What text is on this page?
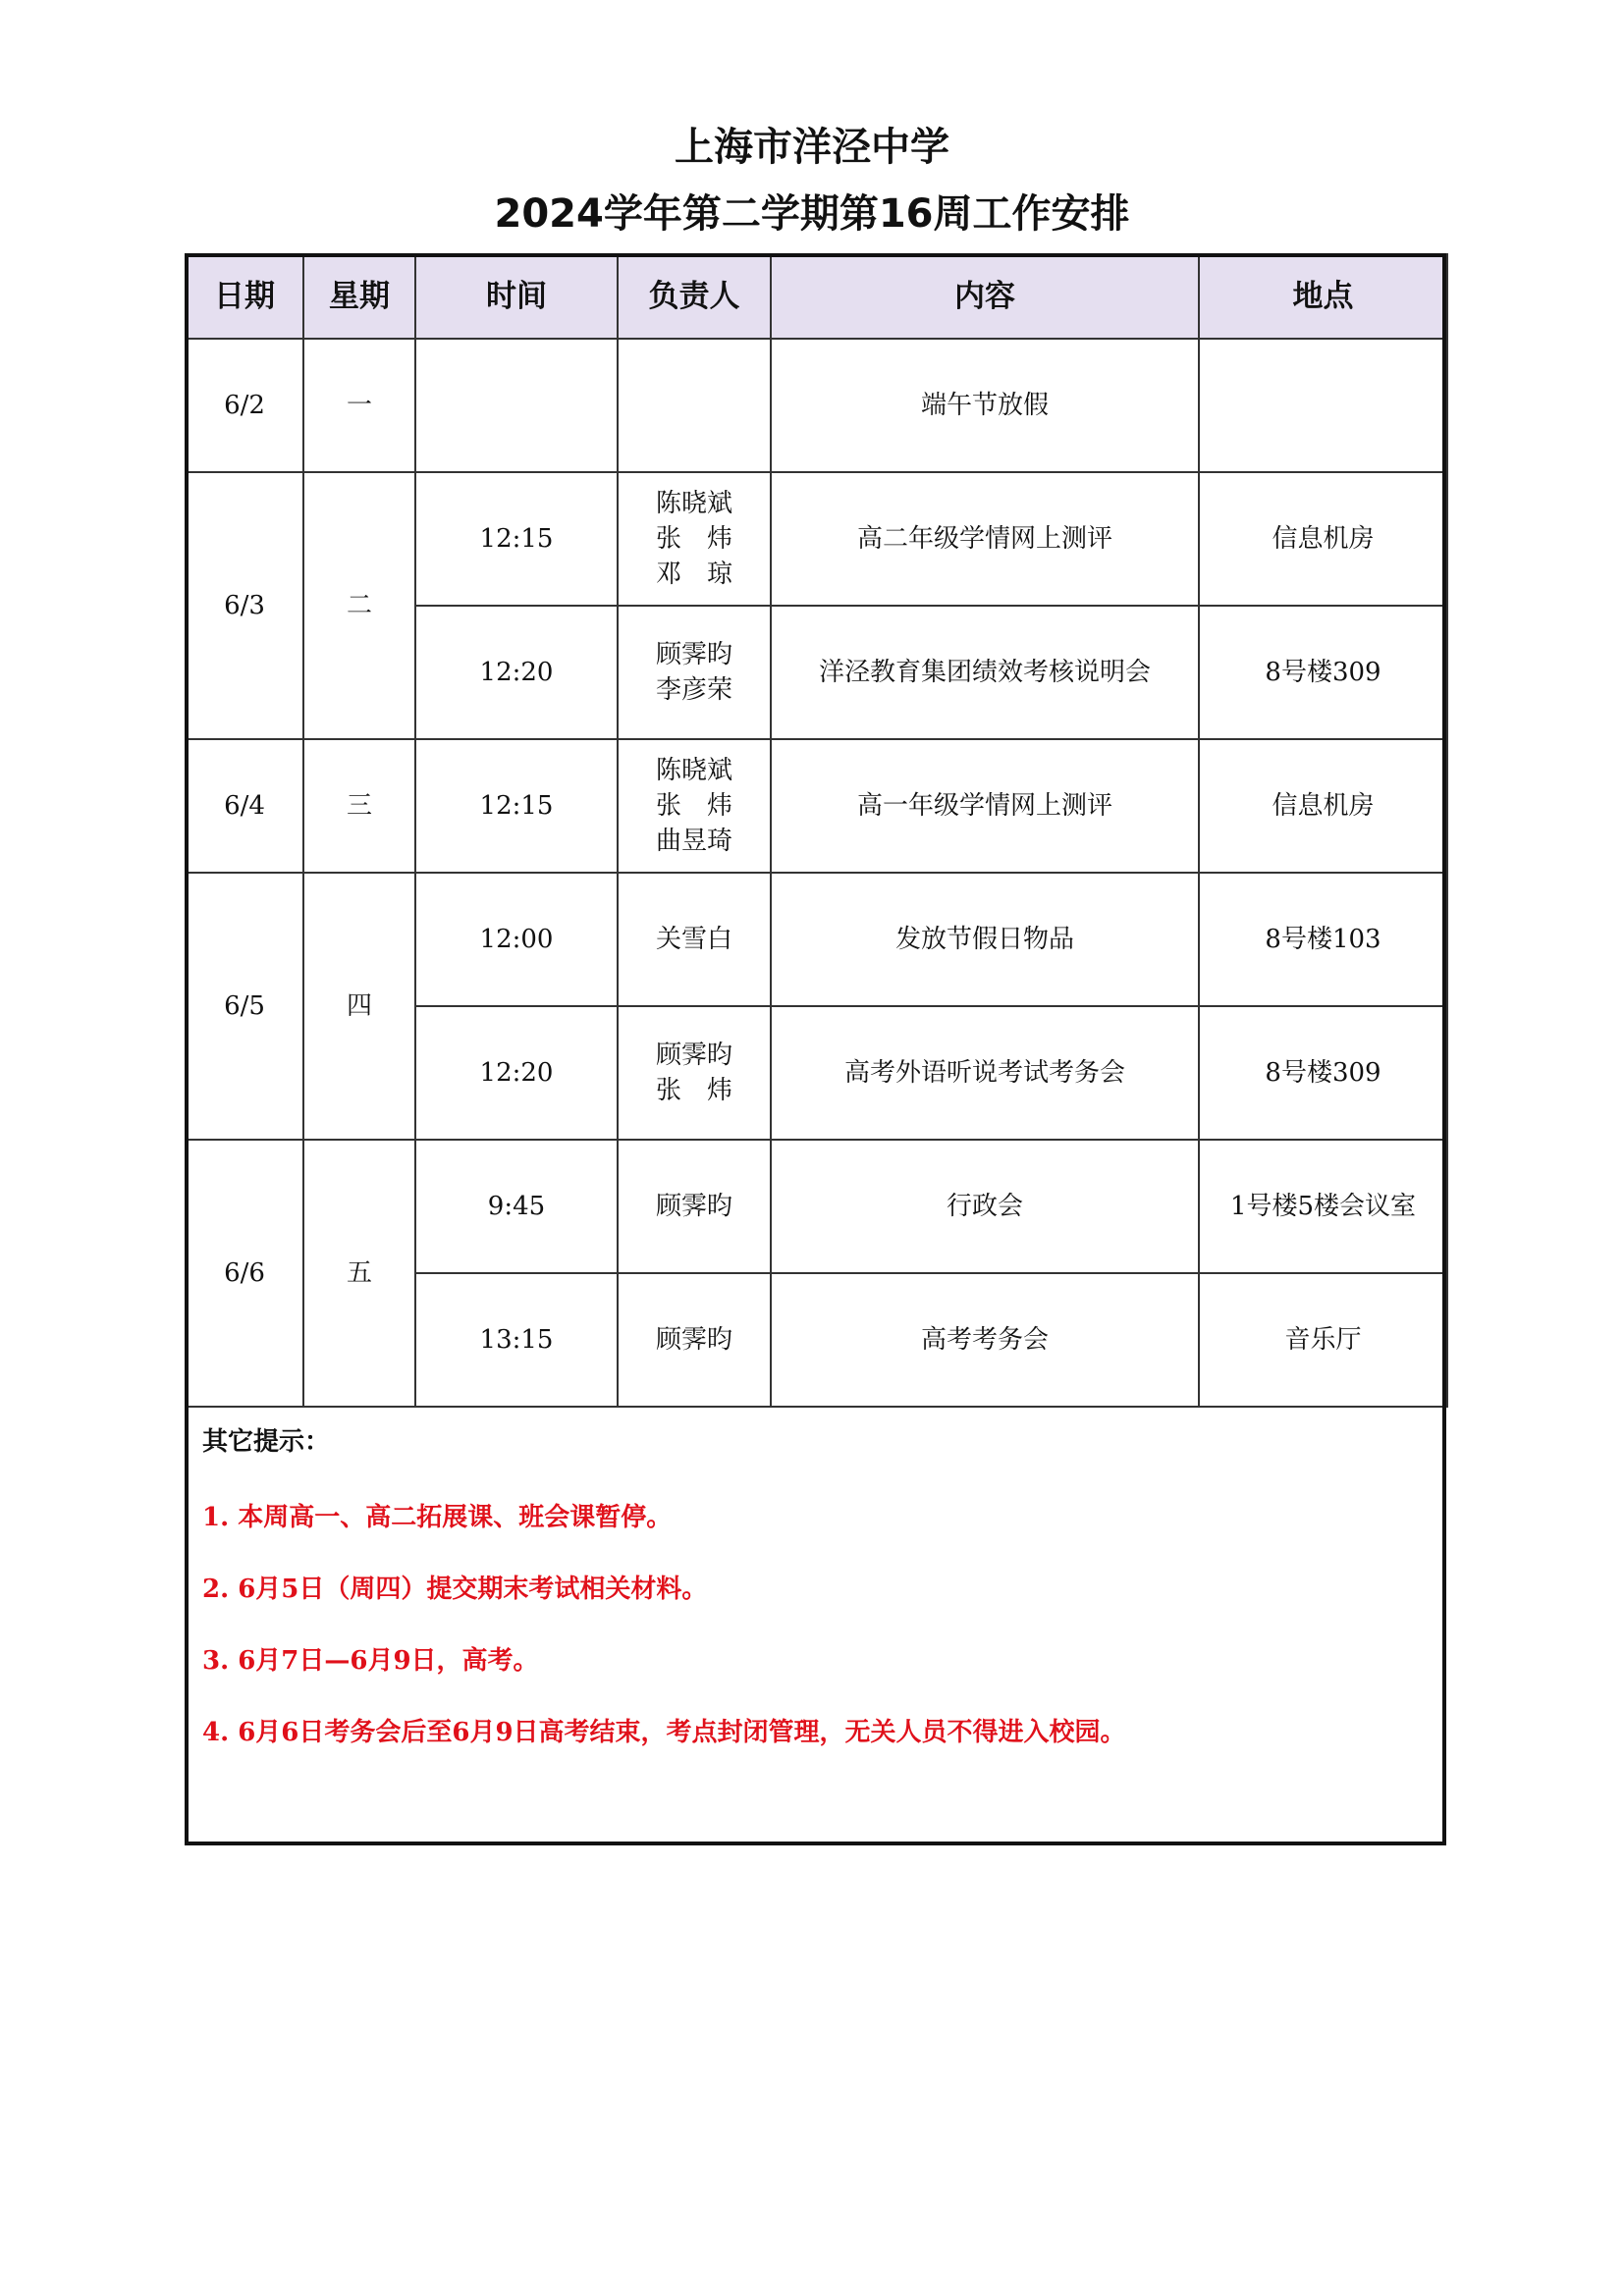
上海市洋泾中学
2024学年第二学期第16周工作安排
日期	星期	时间	负责人	内容	地点
6/2	一			端午节放假	
6/3	二	12:15	陈晓斌
张　炜
邓　琼	高二年级学情网上测评	信息机房
		12:20	顾霁昀
李彦荣	洋泾教育集团绩效考核说明会	8号楼309
6/4	三	12:15	陈晓斌
张　炜
曲昱琦	高一年级学情网上测评	信息机房
6/5	四	12:00	关雪白	发放节假日物品	8号楼103
		12:20	顾霁昀
张　炜	高考外语听说考试考务会	8号楼309
6/6	五	9:45	顾霁昀	行政会	1号楼5楼会议室
		13:15	顾霁昀	高考考务会	音乐厅
其它提示：
1. 本周高一、高二拓展课、班会课暂停。
2. 6月5日（周四）提交期末考试相关材料。
3. 6月7日—6月9日，高考。
4. 6月6日考务会后至6月9日高考结束，考点封闭管理，无关人员不得进入校园。
